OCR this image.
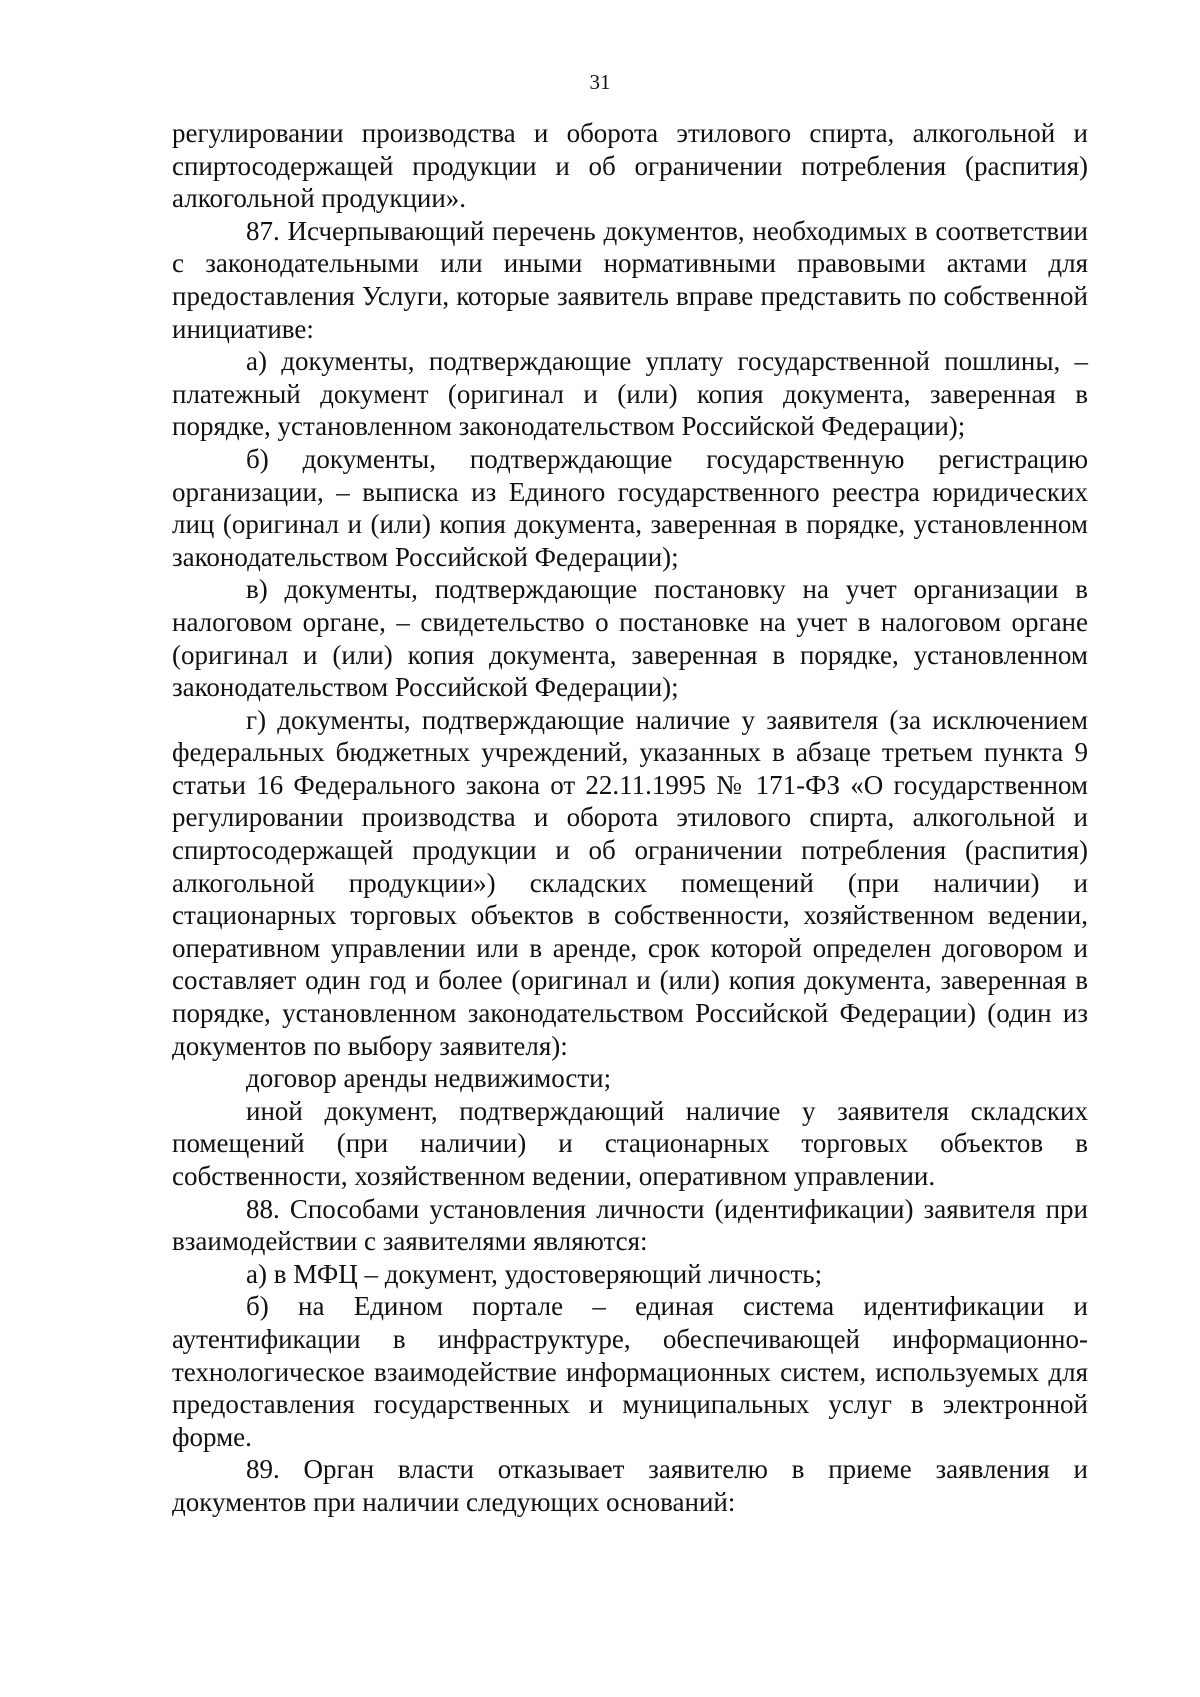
31

регулировании производства и оборота этилового спирта, алкогольной и спиртосодержащей продукции и об ограничении потребления (распития) алкогольной продукции».

87. Исчерпывающий перечень документов, необходимых в соответствии с законодательными или иными нормативными правовыми актами для предоставления Услуги, которые заявитель вправе представить по собственной инициативе:

а) документы, подтверждающие уплату государственной пошлины, – платежный документ (оригинал и (или) копия документа, заверенная в порядке, установленном законодательством Российской Федерации);

б) документы, подтверждающие государственную регистрацию организации, – выписка из Единого государственного реестра юридических лиц (оригинал и (или) копия документа, заверенная в порядке, установленном законодательством Российской Федерации);

в) документы, подтверждающие постановку на учет организации в налоговом органе, – свидетельство о постановке на учет в налоговом органе (оригинал и (или) копия документа, заверенная в порядке, установленном законодательством Российской Федерации);

г) документы, подтверждающие наличие у заявителя (за исключением федеральных бюджетных учреждений, указанных в абзаце третьем пункта 9 статьи 16 Федерального закона от 22.11.1995 № 171-ФЗ «О государственном регулировании производства и оборота этилового спирта, алкогольной и спиртосодержащей продукции и об ограничении потребления (распития) алкогольной продукции») складских помещений (при наличии) и стационарных торговых объектов в собственности, хозяйственном ведении, оперативном управлении или в аренде, срок которой определен договором и составляет один год и более (оригинал и (или) копия документа, заверенная в порядке, установленном законодательством Российской Федерации) (один из документов по выбору заявителя):

договор аренды недвижимости;

иной документ, подтверждающий наличие у заявителя складских помещений (при наличии) и стационарных торговых объектов в собственности, хозяйственном ведении, оперативном управлении.

88. Способами установления личности (идентификации) заявителя при взаимодействии с заявителями являются:

а) в МФЦ – документ, удостоверяющий личность;

б) на Едином портале – единая система идентификации и аутентификации в инфраструктуре, обеспечивающей информационно-технологическое взаимодействие информационных систем, используемых для предоставления государственных и муниципальных услуг в электронной форме.

89. Орган власти отказывает заявителю в приеме заявления и документов при наличии следующих оснований:
